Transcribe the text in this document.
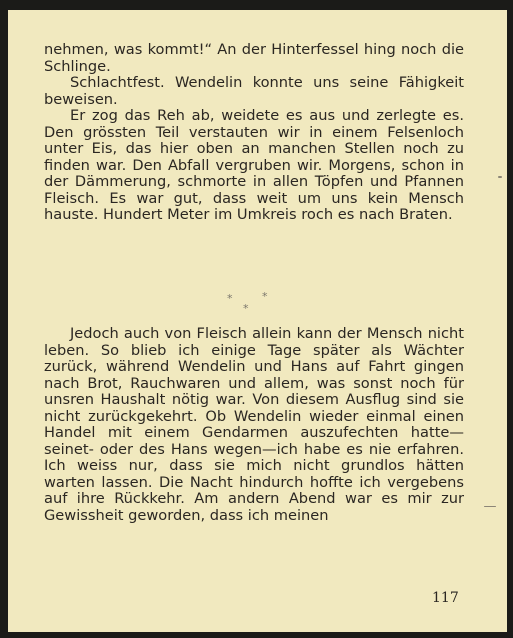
nehmen, was kommt!“ An der Hinterfessel hing noch die Schlinge.

Schlachtfest. Wendelin konnte uns seine Fähigkeit beweisen.

Er zog das Reh ab, weidete es aus und zerlegte es. Den grössten Teil verstauten wir in einem Felsenloch unter Eis, das hier oben an manchen Stellen noch zu finden war. Den Abfall vergruben wir. Morgens, schon in der Dämmerung, schmorte in allen Töpfen und Pfannen Fleisch. Es war gut, dass weit um uns kein Mensch hauste. Hundert Meter im Umkreis roch es nach Braten.

*	*
*

Jedoch auch von Fleisch allein kann der Mensch nicht leben. So blieb ich einige Tage später als Wächter zurück, während Wendelin und Hans auf Fahrt gingen nach Brot, Rauchwaren und allem, was sonst noch für unsren Haushalt nötig war. Von diesem Ausflug sind sie nicht zurückgekehrt. Ob Wendelin wieder einmal einen Handel mit einem Gendarmen auszufechten hatte—seinet- oder des Hans wegen—ich habe es nie erfahren. Ich weiss nur, dass sie mich nicht grundlos hätten warten lassen. Die Nacht hindurch hoffte ich vergebens auf ihre Rückkehr. Am andern Abend war es mir zur Gewissheit geworden, dass ich meinen

117
